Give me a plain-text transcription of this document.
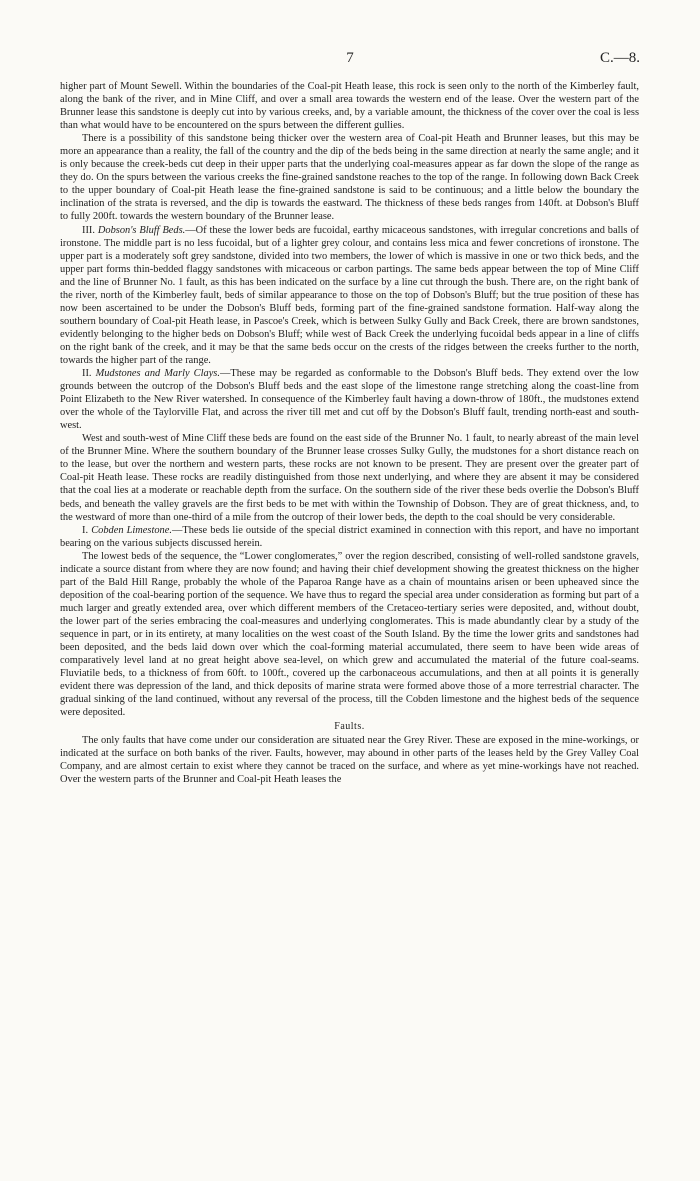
7	C.—8.

higher part of Mount Sewell. Within the boundaries of the Coal-pit Heath lease, this rock is seen only to the north of the Kimberley fault, along the bank of the river, and in Mine Cliff, and over a small area towards the western end of the lease. Over the western part of the Brunner lease this sandstone is deeply cut into by various creeks, and, by a variable amount, the thickness of the cover over the coal is less than what would have to be encountered on the spurs between the different gullies.

There is a possibility of this sandstone being thicker over the western area of Coal-pit Heath and Brunner leases, but this may be more an appearance than a reality, the fall of the country and the dip of the beds being in the same direction at nearly the same angle; and it is only because the creek-beds cut deep in their upper parts that the underlying coal-measures appear as far down the slope of the range as they do. On the spurs between the various creeks the fine-grained sandstone reaches to the top of the range. In following down Back Creek to the upper boundary of Coal-pit Heath lease the fine-grained sandstone is said to be continuous; and a little below the boundary the inclination of the strata is reversed, and the dip is towards the eastward. The thickness of these beds ranges from 140ft. at Dobson's Bluff to fully 200ft. towards the western boundary of the Brunner lease.

III. Dobson's Bluff Beds.—Of these the lower beds are fucoidal, earthy micaceous sandstones, with irregular concretions and balls of ironstone. The middle part is no less fucoidal, but of a lighter grey colour, and contains less mica and fewer concretions of ironstone. The upper part is a moderately soft grey sandstone, divided into two members, the lower of which is massive in one or two thick beds, and the upper part forms thin-bedded flaggy sandstones with micaceous or carbon partings. The same beds appear between the top of Mine Cliff and the line of Brunner No. 1 fault, as this has been indicated on the surface by a line cut through the bush. There are, on the right bank of the river, north of the Kimberley fault, beds of similar appearance to those on the top of Dobson's Bluff; but the true position of these has now been ascertained to be under the Dobson's Bluff beds, forming part of the fine-grained sandstone formation. Half-way along the southern boundary of Coal-pit Heath lease, in Pascoe's Creek, which is between Sulky Gully and Back Creek, there are brown sandstones, evidently belonging to the higher beds on Dobson's Bluff; while west of Back Creek the underlying fucoidal beds appear in a line of cliffs on the right bank of the creek, and it may be that the same beds occur on the crests of the ridges between the creeks further to the north, towards the higher part of the range.

II. Mudstones and Marly Clays.—These may be regarded as conformable to the Dobson's Bluff beds. They extend over the low grounds between the outcrop of the Dobson's Bluff beds and the east slope of the limestone range stretching along the coast-line from Point Elizabeth to the New River watershed. In consequence of the Kimberley fault having a down-throw of 180ft., the mudstones extend over the whole of the Taylorville Flat, and across the river till met and cut off by the Dobson's Bluff fault, trending north-east and south-west.

West and south-west of Mine Cliff these beds are found on the east side of the Brunner No. 1 fault, to nearly abreast of the main level of the Brunner Mine. Where the southern boundary of the Brunner lease crosses Sulky Gully, the mudstones for a short distance reach on to the lease, but over the northern and western parts, these rocks are not known to be present. They are present over the greater part of Coal-pit Heath lease. These rocks are readily distinguished from those next underlying, and where they are absent it may be considered that the coal lies at a moderate or reachable depth from the surface. On the southern side of the river these beds overlie the Dobson's Bluff beds, and beneath the valley gravels are the first beds to be met with within the Township of Dobson. They are of great thickness, and, to the westward of more than one-third of a mile from the outcrop of their lower beds, the depth to the coal should be very considerable.

I. Cobden Limestone.—These beds lie outside of the special district examined in connection with this report, and have no important bearing on the various subjects discussed herein.

The lowest beds of the sequence, the “Lower conglomerates,” over the region described, consisting of well-rolled sandstone gravels, indicate a source distant from where they are now found; and having their chief development showing the greatest thickness on the higher part of the Bald Hill Range, probably the whole of the Paparoa Range have as a chain of mountains arisen or been upheaved since the deposition of the coal-bearing portion of the sequence. We have thus to regard the special area under consideration as forming but part of a much larger and greatly extended area, over which different members of the Cretaceo-tertiary series were deposited, and, without doubt, the lower part of the series embracing the coal-measures and underlying conglomerates. This is made abundantly clear by a study of the sequence in part, or in its entirety, at many localities on the west coast of the South Island. By the time the lower grits and sandstones had been deposited, and the beds laid down over which the coal-forming material accumulated, there seem to have been wide areas of comparatively level land at no great height above sea-level, on which grew and accumulated the material of the future coal-seams. Fluviatile beds, to a thickness of from 60ft. to 100ft., covered up the carbonaceous accumulations, and then at all points it is generally evident there was depression of the land, and thick deposits of marine strata were formed above those of a more terrestrial character. The gradual sinking of the land continued, without any reversal of the process, till the Cobden limestone and the highest beds of the sequence were deposited.

Faults.

The only faults that have come under our consideration are situated near the Grey River. These are exposed in the mine-workings, or indicated at the surface on both banks of the river. Faults, however, may abound in other parts of the leases held by the Grey Valley Coal Company, and are almost certain to exist where they cannot be traced on the surface, and where as yet mine-workings have not reached. Over the western parts of the Brunner and Coal-pit Heath leases the
